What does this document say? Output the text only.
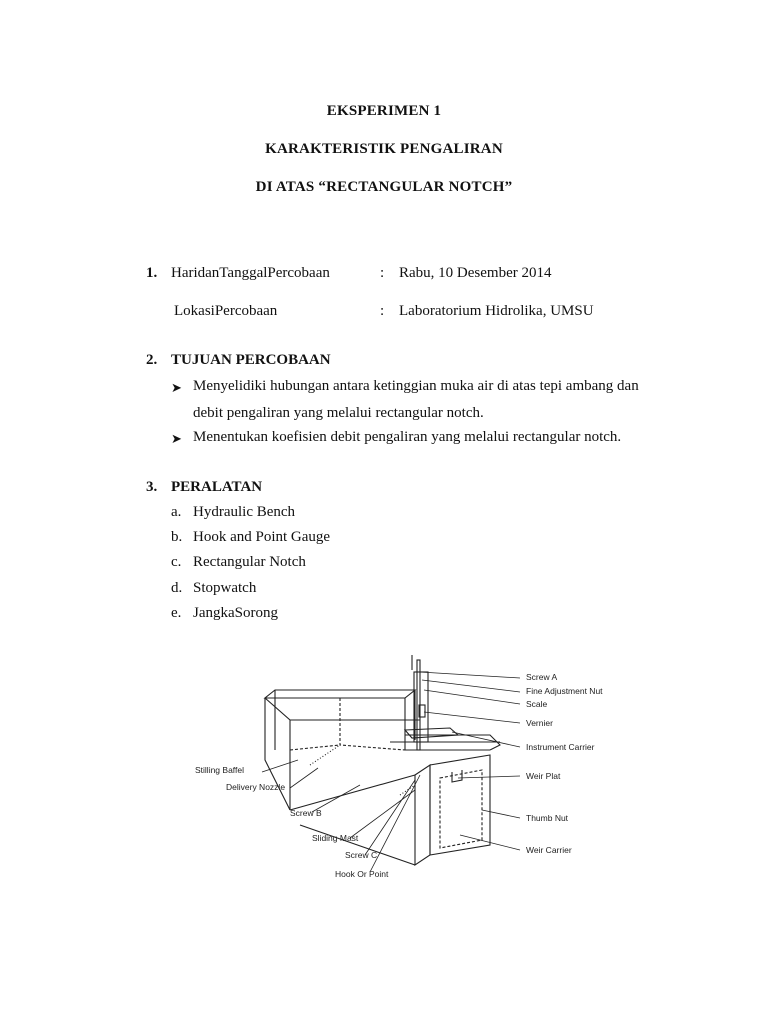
EKSPERIMEN 1
KARAKTERISTIK PENGALIRAN
DI ATAS “RECTANGULAR NOTCH”
1. HaridanTanggalPercobaan	: Rabu, 10 Desember 2014
LokasiPercobaan	: Laboratorium Hidrolika, UMSU
2. TUJUAN PERCOBAAN
➤ Menyelidiki hubungan antara ketinggian muka air di atas tepi ambang dan
debit pengaliran yang melalui rectangular notch.
➤ Menentukan koefisien debit pengaliran yang melalui rectangular notch.
3. PERALATAN
a. Hydraulic Bench
b. Hook and Point Gauge
c. Rectangular Notch
d. Stopwatch
e. JangkaSorong
Screw A
Fine Adjustment Nut
Scale
Vernier
Instrument Carrier
Weir Plat
Thumb Nut
Weir Carrier
Stilling Baffel
Delivery Nozzle
Screw B
Sliding Mast
Screw C
Hook Or Point
